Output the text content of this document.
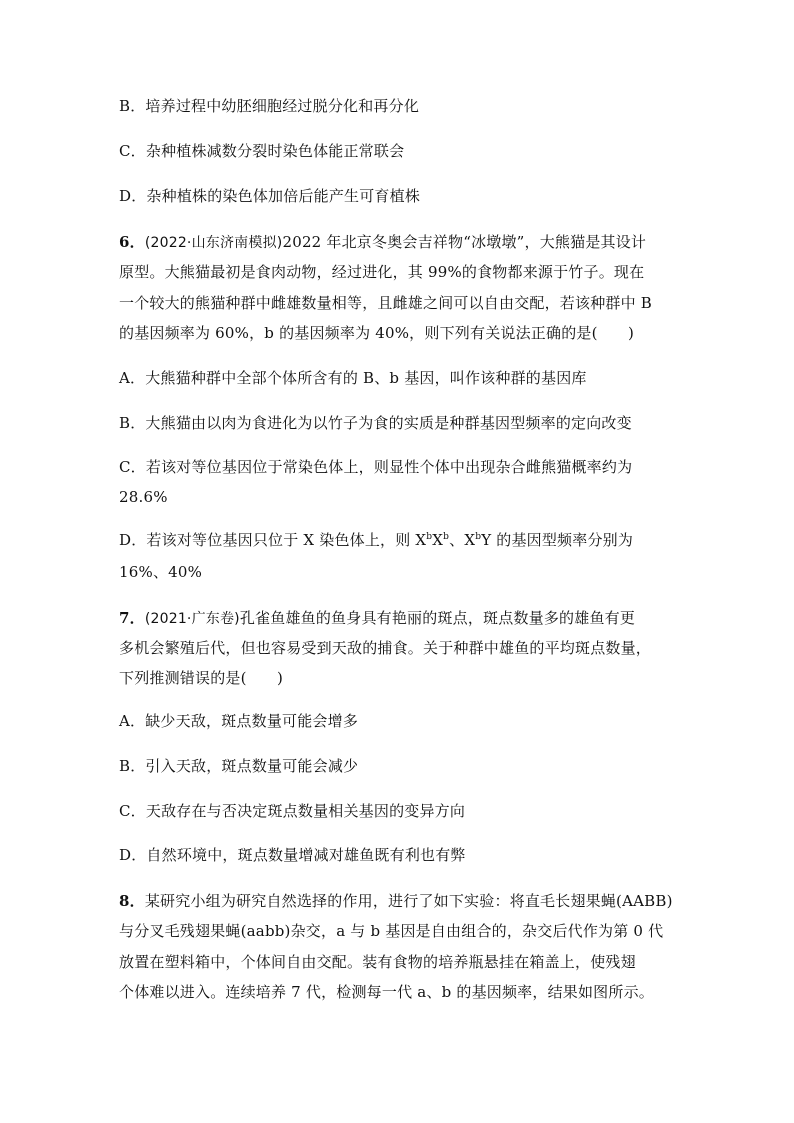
B．培养过程中幼胚细胞经过脱分化和再分化
C．杂种植株减数分裂时染色体能正常联会
D．杂种植株的染色体加倍后能产生可育植株
6．(2022·山东济南模拟)2022 年北京冬奥会吉祥物“冰墩墩”，大熊猫是其设计
原型。大熊猫最初是食肉动物，经过进化，其 99%的食物都来源于竹子。现在
一个较大的熊猫种群中雌雄数量相等，且雌雄之间可以自由交配，若该种群中 B
的基因频率为 60%，b 的基因频率为 40%，则下列有关说法正确的是(　　)
A．大熊猫种群中全部个体所含有的 B、b 基因，叫作该种群的基因库
B．大熊猫由以肉为食进化为以竹子为食的实质是种群基因型频率的定向改变
C．若该对等位基因位于常染色体上，则显性个体中出现杂合雌熊猫概率约为
28.6%
D．若该对等位基因只位于 X 染色体上，则 $X^bX^b$、$X^bY$ 的基因型频率分别为
16%、40%
7．(2021·广东卷)孔雀鱼雄鱼的鱼身具有艳丽的斑点，斑点数量多的雄鱼有更
多机会繁殖后代，但也容易受到天敌的捕食。关于种群中雄鱼的平均斑点数量，
下列推测错误的是(　　)
A．缺少天敌，斑点数量可能会增多
B．引入天敌，斑点数量可能会减少
C．天敌存在与否决定斑点数量相关基因的变异方向
D．自然环境中，斑点数量增减对雄鱼既有利也有弊
8．某研究小组为研究自然选择的作用，进行了如下实验：将直毛长翅果蝇(AABB)
与分叉毛残翅果蝇(aabb)杂交，a 与 b 基因是自由组合的，杂交后代作为第 0 代
放置在塑料箱中，个体间自由交配。装有食物的培养瓶悬挂在箱盖上，使残翅
个体难以进入。连续培养 7 代，检测每一代 a、b 的基因频率，结果如图所示。
